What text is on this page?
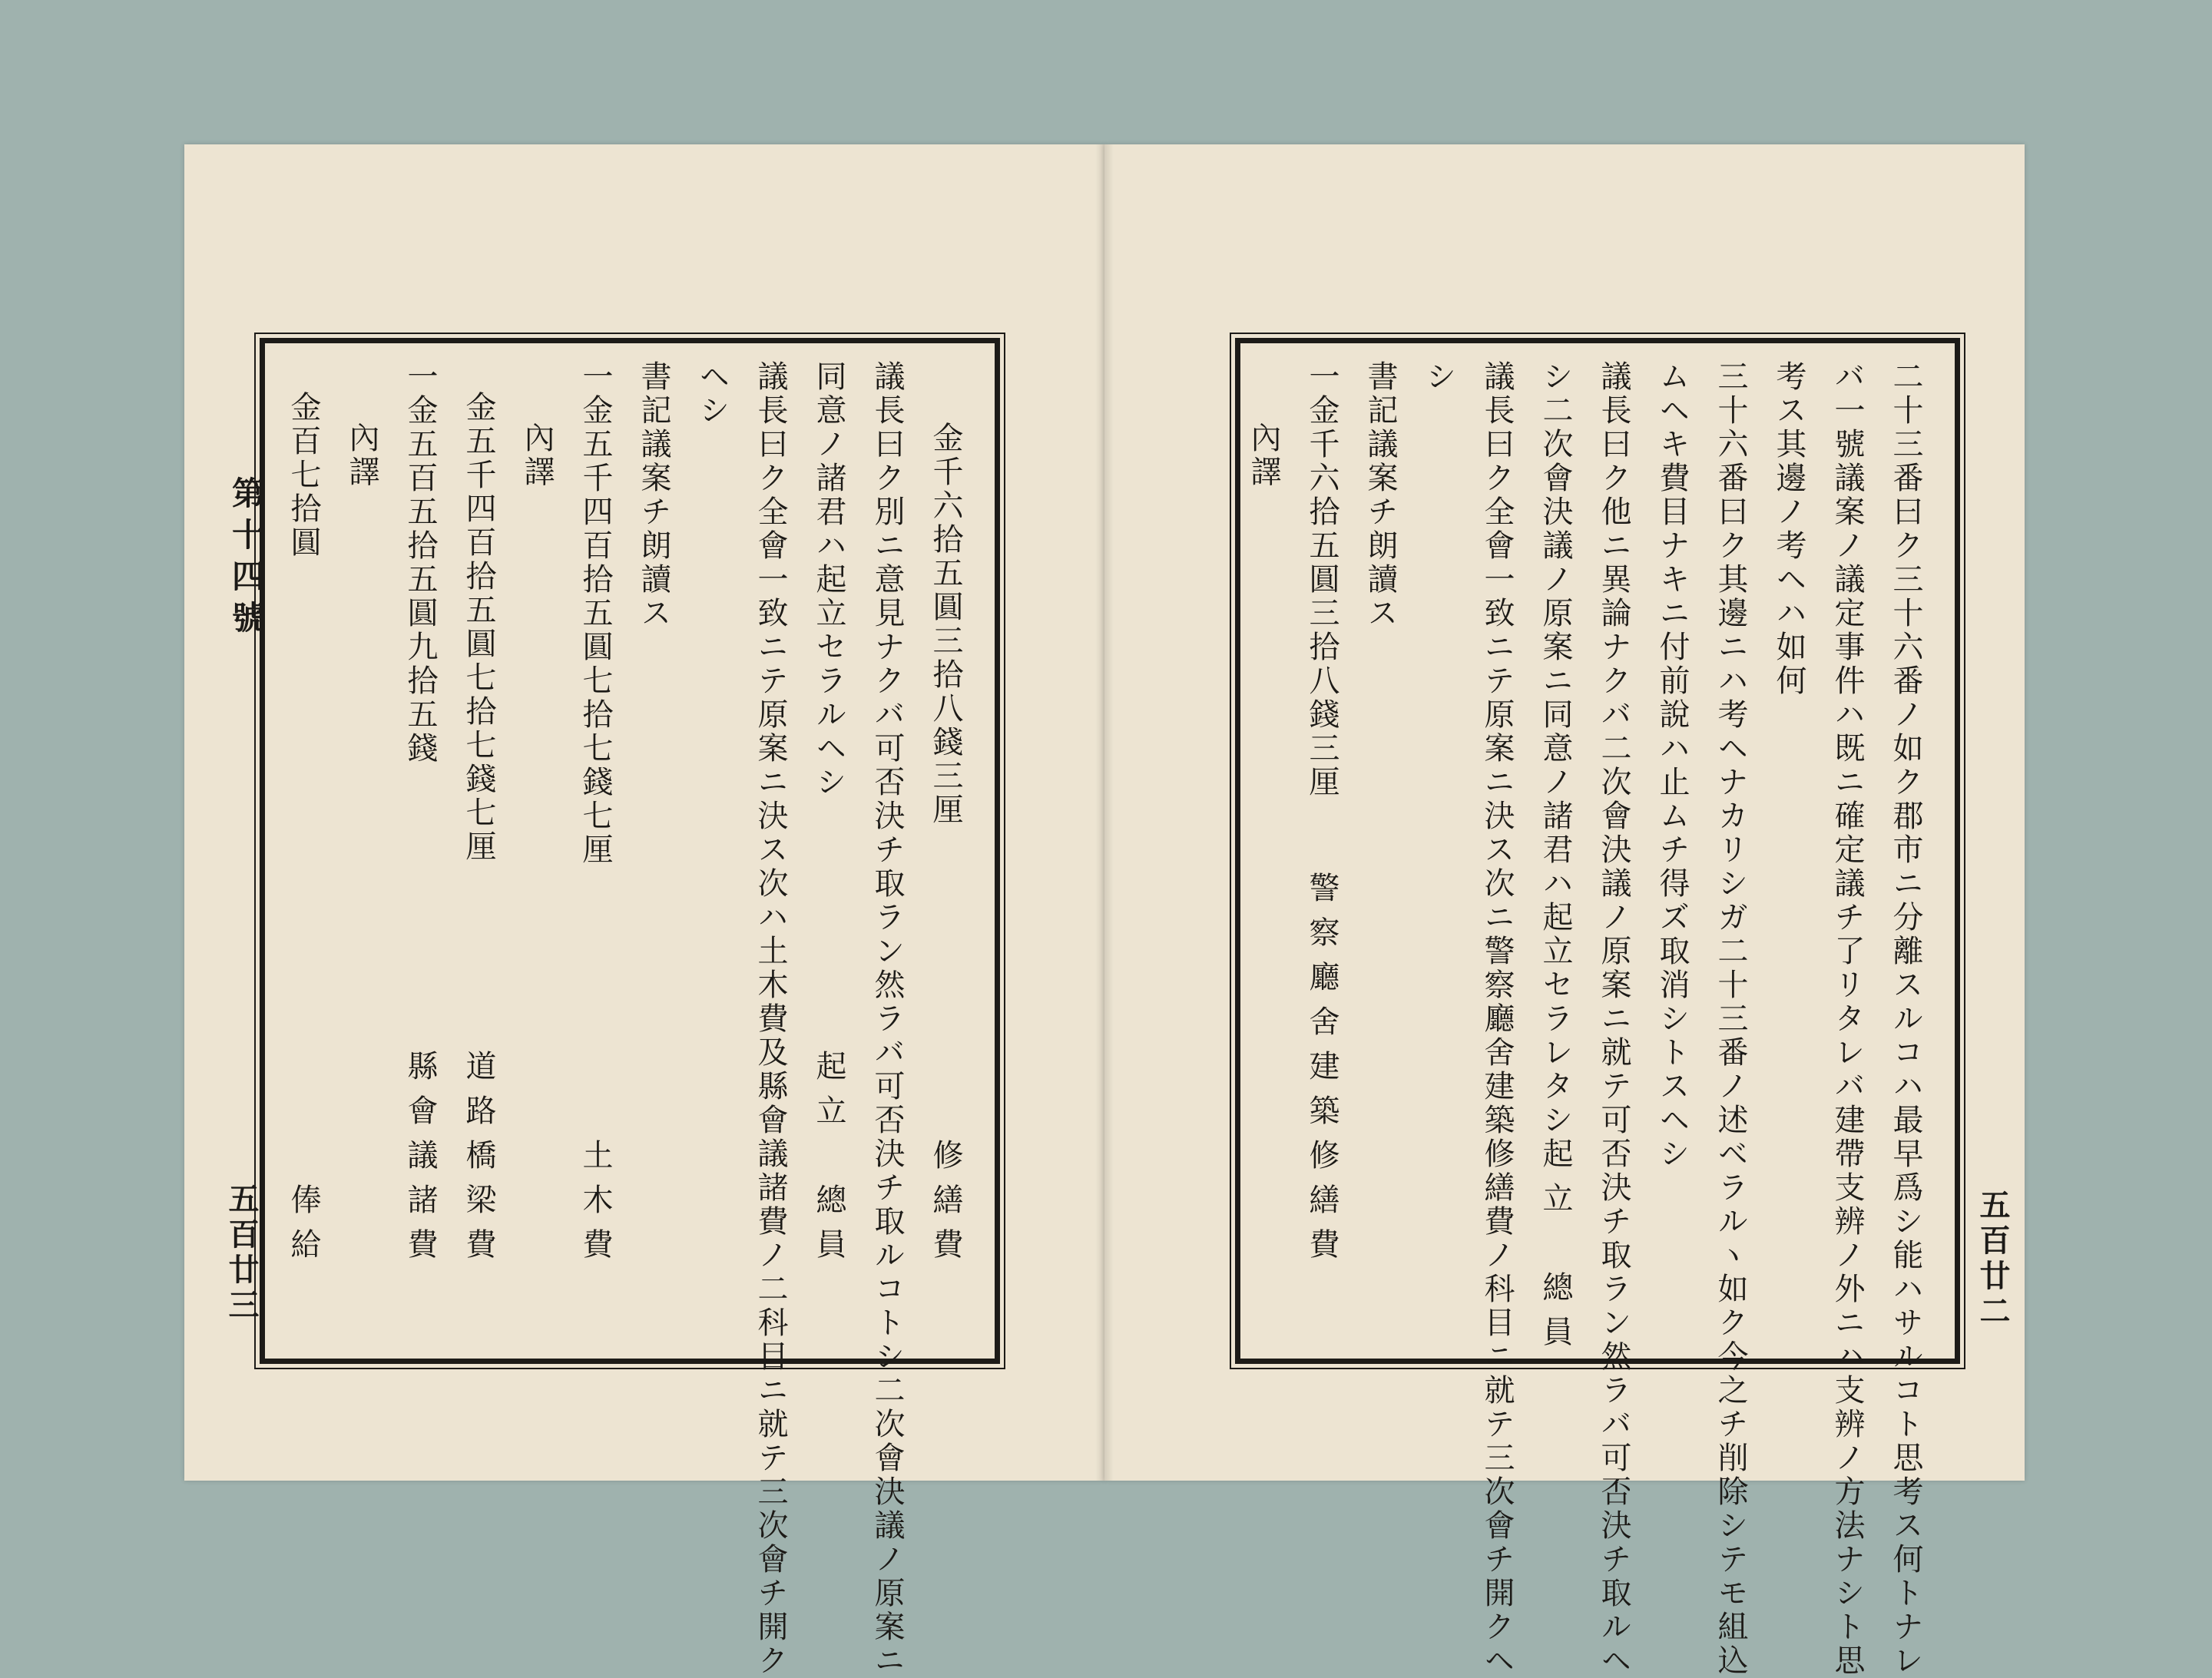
第十四號
五百廿三	五百廿二
金千六拾五圓三拾八錢三厘
修繕費
議長曰ク別ニ意見ナクバ可否決チ取ラン然ラバ可否決チ取ルコトシ二次會決議ノ原案ニ
同意ノ諸君ハ起立セラルヘシ
起立　總員
議長曰ク全會一致ニテ原案ニ決ス次ハ土木費及縣會議諸費ノ二科目ニ就テ三次會チ開ク
ヘシ
書記議案チ朗讀ス
一金五千四百拾五圓七拾七錢七厘
土木費
內譯
金五千四百拾五圓七拾七錢七厘
道路橋梁費
一金五百五拾五圓九拾五錢
縣會議諸費
內譯
金百七拾圓
俸給	二十三番曰ク三十六番ノ如ク郡市ニ分離スルコハ最早爲シ能ハサルコト思考ス何トナレ
バ一號議案ノ議定事件ハ既ニ確定議チ了リタレバ建帶支辨ノ外ニハ支辨ノ方法ナシト思
考ス其邊ノ考ヘハ如何
三十六番曰ク其邊ニハ考ヘナカリシガ二十三番ノ述ベラルヽ如ク今之チ削除シテモ組込
ムヘキ費目ナキニ付前說ハ止ムチ得ズ取消シトスヘシ
議長曰ク他ニ異論ナクバ二次會決議ノ原案ニ就テ可否決チ取ラン然ラバ可否決チ取ルヘ
シ二次會決議ノ原案ニ同意ノ諸君ハ起立セラレタシ
起立　總員
議長曰ク全會一致ニテ原案ニ決ス次ニ警察廳舍建築修繕費ノ科目ニ就テ三次會チ開クヘ
シ
書記議案チ朗讀ス
一金千六拾五圓三拾八錢三厘
警察廳舍建築修繕費
內譯
